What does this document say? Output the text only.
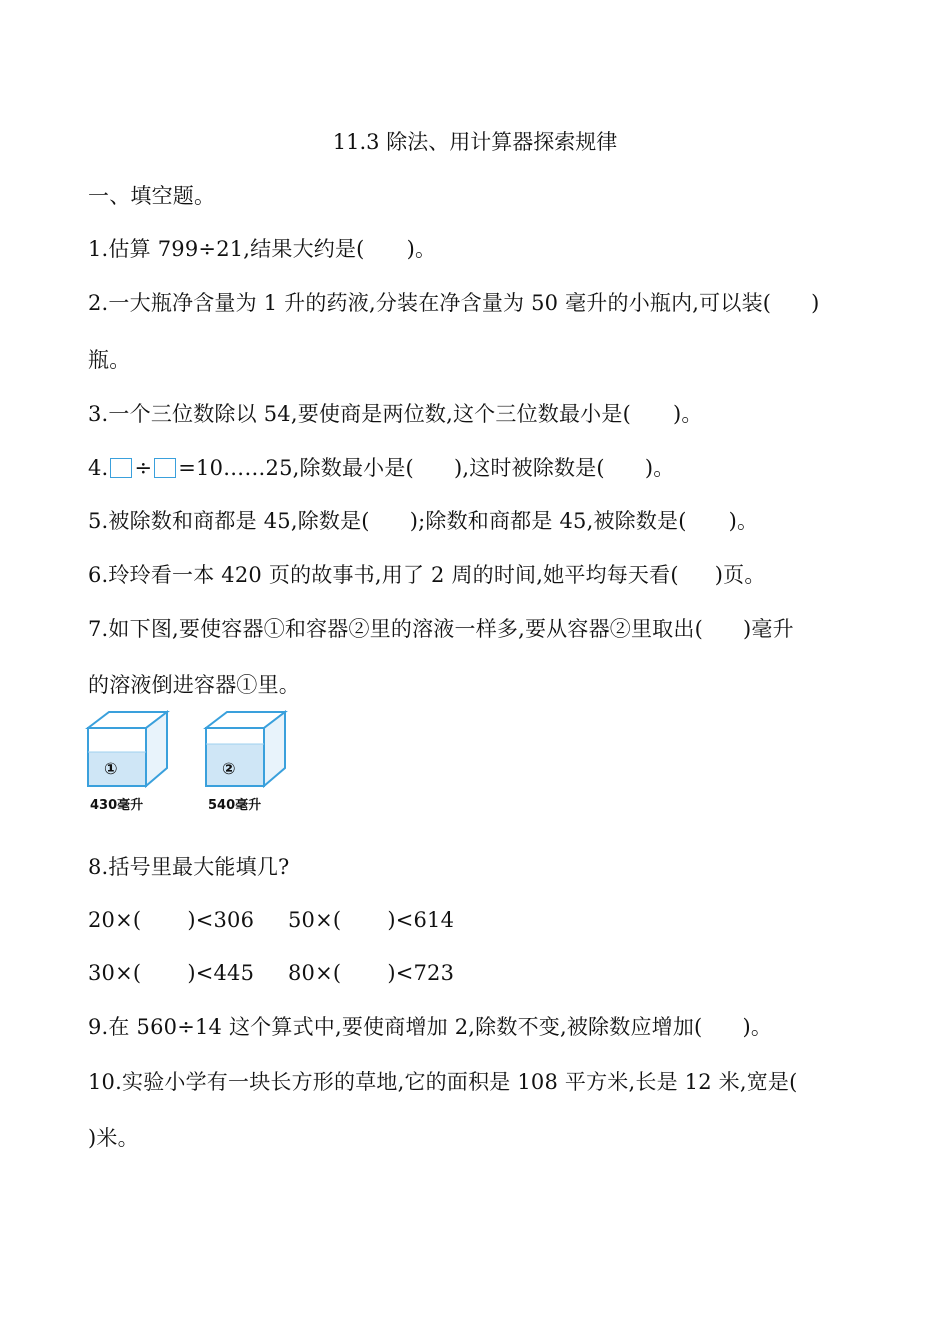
11.3 除法、用计算器探索规律
一、填空题。
1.估算 799÷21,结果大约是( )。
2.一大瓶净含量为 1 升的药液,分装在净含量为 50 毫升的小瓶内,可以装( )
瓶。
3.一个三位数除以 54,要使商是两位数,这个三位数最小是( )。
4. ÷ =10……25,除数最小是( ),这时被除数是( )。
5.被除数和商都是 45,除数是( );除数和商都是 45,被除数是( )。
6.玲玲看一本 420 页的故事书,用了 2 周的时间,她平均每天看( )页。
7.如下图,要使容器①和容器②里的溶液一样多,要从容器②里取出( )毫升
的溶液倒进容器①里。
①	②
430毫升	540毫升
8.括号里最大能填几?
20×( )<306 50×( )<614
30×( )<445 80×( )<723
9.在 560÷14 这个算式中,要使商增加 2,除数不变,被除数应增加( )。
10.实验小学有一块长方形的草地,它的面积是 108 平方米,长是 12 米,宽是(
)米。
